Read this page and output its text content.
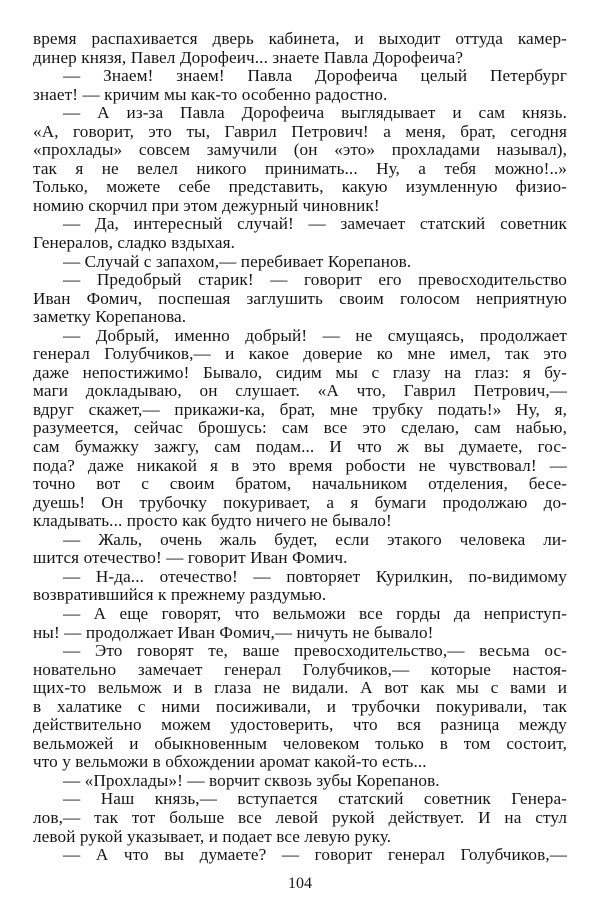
время распахивается дверь кабинета, и выходит оттуда камер-
динер князя, Павел Дорофеич... знаете Павла Дорофеича?
— Знаем! знаем! Павла Дорофеича целый Петербург
знает! — кричим мы как-то особенно радостно.
— А из-за Павла Дорофеича выглядывает и сам князь.
«А, говорит, это ты, Гаврил Петрович! а меня, брат, сегодня
«прохлады» совсем замучили (он «это» прохладами называл),
так я не велел никого принимать... Ну, а тебя можно!..»
Только, можете себе представить, какую изумленную физио-
номию скорчил при этом дежурный чиновник!
— Да, интересный случай! — замечает статский советник
Генералов, сладко вздыхая.
— Случай с запахом,— перебивает Корепанов.
— Предобрый старик! — говорит его превосходительство
Иван Фомич, поспешая заглушить своим голосом неприятную
заметку Корепанова.
— Добрый, именно добрый! — не смущаясь, продолжает
генерал Голубчиков,— и какое доверие ко мне имел, так это
даже непостижимо! Бывало, сидим мы с глазу на глаз: я бу-
маги докладываю, он слушает. «А что, Гаврил Петрович,—
вдруг скажет,— прикажи-ка, брат, мне трубку подать!» Ну, я,
разумеется, сейчас брошусь: сам все это сделаю, сам набью,
сам бумажку зажгу, сам подам... И что ж вы думаете, гос-
пода? даже никакой я в это время робости не чувствовал! —
точно вот с своим братом, начальником отделения, бесе-
дуешь! Он трубочку покуривает, а я бумаги продолжаю до-
кладывать... просто как будто ничего не бывало!
— Жаль, очень жаль будет, если этакого человека ли-
шится отечество! — говорит Иван Фомич.
— Н-да... отечество! — повторяет Курилкин, по-видимому
возвратившийся к прежнему раздумью.
— А еще говорят, что вельможи все горды да неприступ-
ны! — продолжает Иван Фомич,— ничуть не бывало!
— Это говорят те, ваше превосходительство,— весьма ос-
новательно замечает генерал Голубчиков,— которые настоя-
щих-то вельмож и в глаза не видали. А вот как мы с вами и
в халатике с ними посиживали, и трубочки покуривали, так
действительно можем удостоверить, что вся разница между
вельможей и обыкновенным человеком только в том состоит,
что у вельможи в обхождении аромат какой-то есть...
— «Прохлады»! — ворчит сквозь зубы Корепанов.
— Наш князь,— вступается статский советник Генера-
лов,— так тот больше все левой рукой действует. И на стул
левой рукой указывает, и подает все левую руку.
— А что вы думаете? — говорит генерал Голубчиков,—
104
